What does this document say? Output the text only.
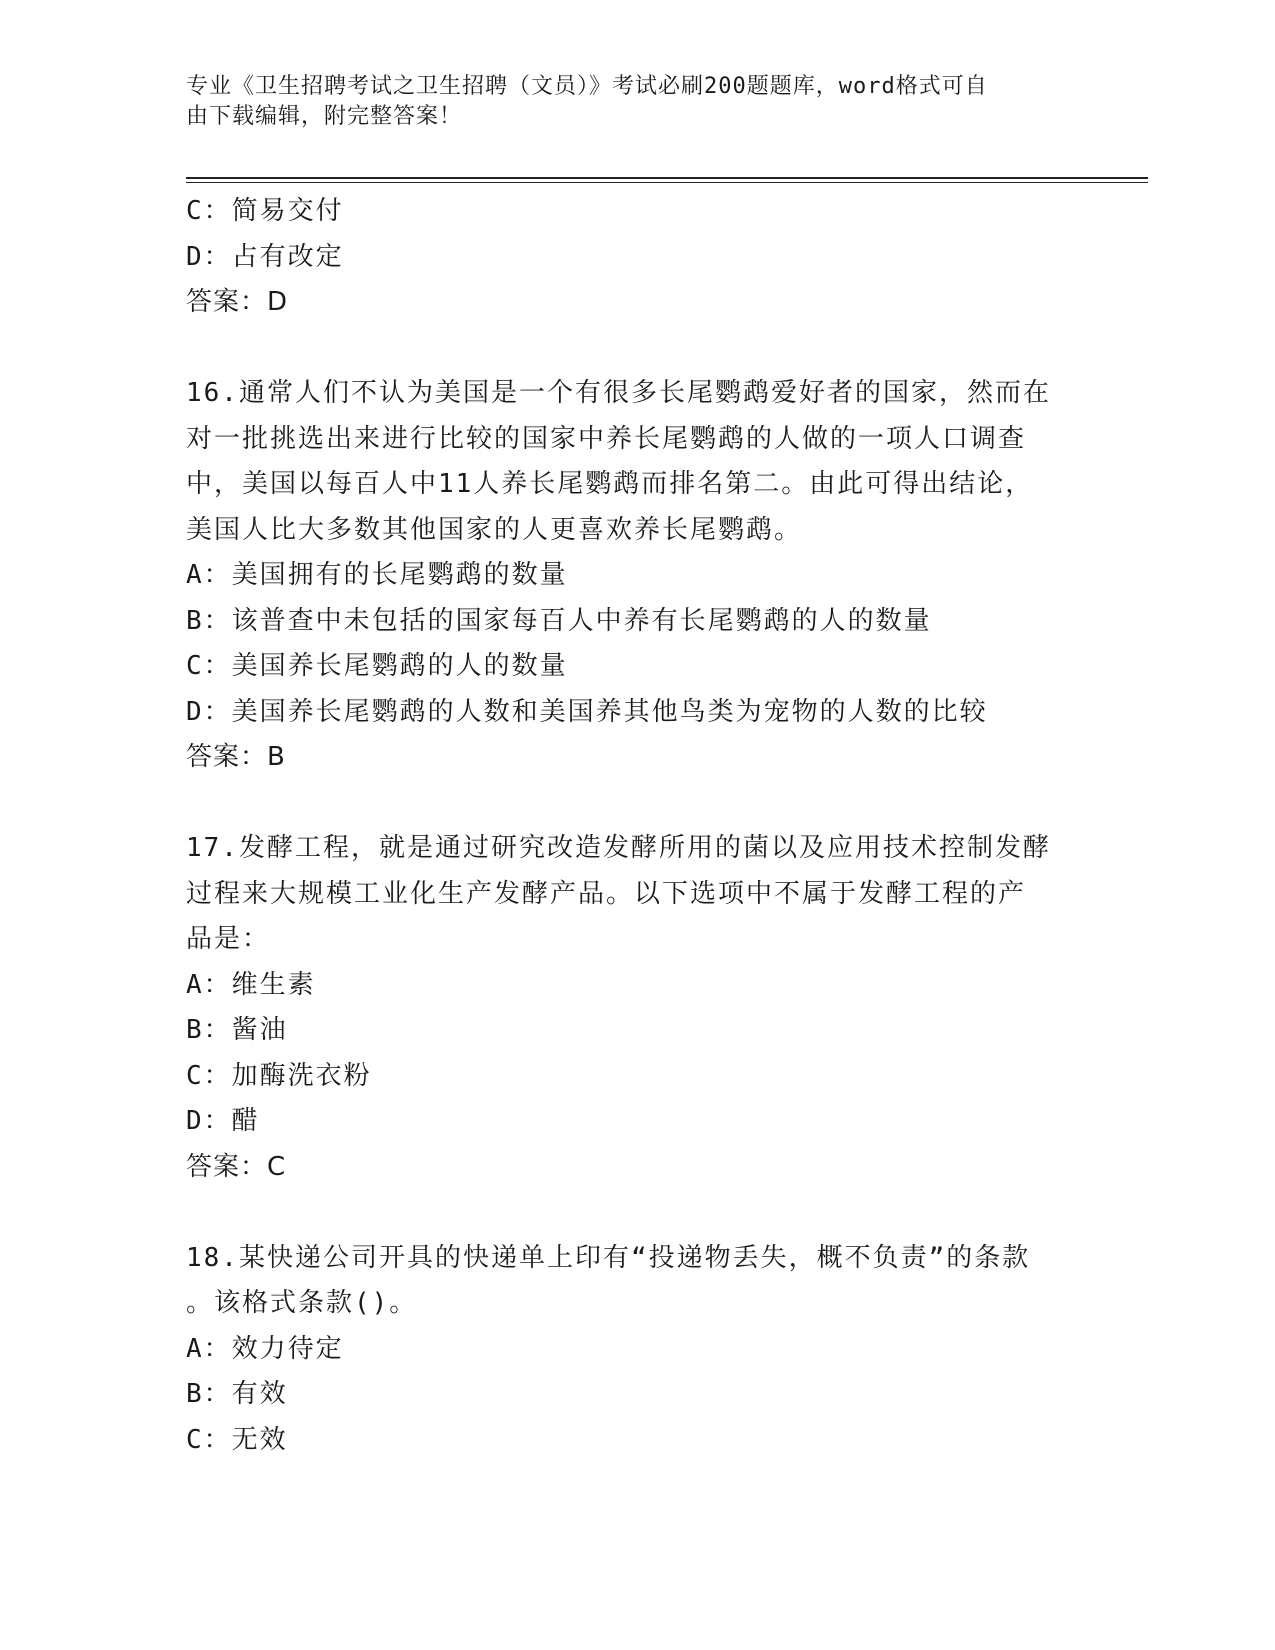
专业《卫生招聘考试之卫生招聘（文员）》考试必刷200题题库，word格式可自
由下载编辑，附完整答案！
C：简易交付
D：占有改定
答案：D
16.通常人们不认为美国是一个有很多长尾鹦鹉爱好者的国家，然而在
对一批挑选出来进行比较的国家中养长尾鹦鹉的人做的一项人口调查
中，美国以每百人中11人养长尾鹦鹉而排名第二。由此可得出结论，
美国人比大多数其他国家的人更喜欢养长尾鹦鹉。
A：美国拥有的长尾鹦鹉的数量
B：该普查中未包括的国家每百人中养有长尾鹦鹉的人的数量
C：美国养长尾鹦鹉的人的数量
D：美国养长尾鹦鹉的人数和美国养其他鸟类为宠物的人数的比较
答案：B
17.发酵工程，就是通过研究改造发酵所用的菌以及应用技术控制发酵
过程来大规模工业化生产发酵产品。以下选项中不属于发酵工程的产
品是：
A：维生素
B：酱油
C：加酶洗衣粉
D：醋
答案：C
18.某快递公司开具的快递单上印有“投递物丢失，概不负责”的条款
。该格式条款()。
A：效力待定
B：有效
C：无效
